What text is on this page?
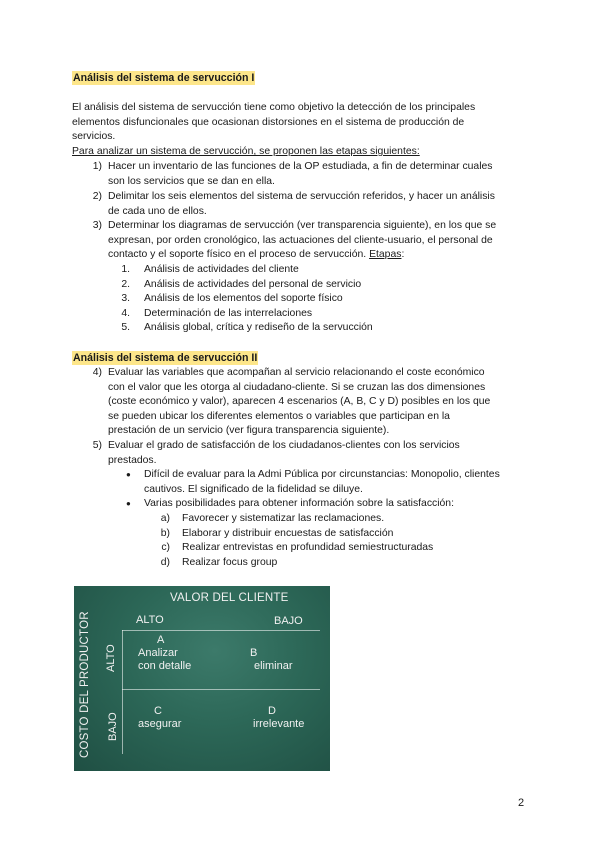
Análisis del sistema de servucción I
El análisis del sistema de servucción tiene como objetivo la detección de los principales
elementos disfuncionales que ocasionan distorsiones en el sistema de producción de
servicios.
Para analizar un sistema de servucción, se proponen las etapas siguientes:
1) Hacer un inventario de las funciones de la OP estudiada, a fin de determinar cuales
son los servicios que se dan en ella.
2) Delimitar los seis elementos del sistema de servucción referidos, y hacer un análisis
de cada uno de ellos.
3) Determinar los diagramas de servucción (ver transparencia siguiente), en los que se
expresan, por orden cronológico, las actuaciones del cliente-usuario, el personal de
contacto y el soporte físico en el proceso de servucción. Etapas:
1. Análisis de actividades del cliente
2. Análisis de actividades del personal de servicio
3. Análisis de los elementos del soporte físico
4. Determinación de las interrelaciones
5. Análisis global, crítica y rediseño de la servucción
Análisis del sistema de servucción II
4) Evaluar las variables que acompañan al servicio relacionando el coste económico
con el valor que les otorga al ciudadano-cliente. Si se cruzan las dos dimensiones
(coste económico y valor), aparecen 4 escenarios (A, B, C y D) posibles en los que
se pueden ubicar los diferentes elementos o variables que participan en la
prestación de un servicio (ver figura transparencia siguiente).
5) Evaluar el grado de satisfacción de los ciudadanos-clientes con los servicios
prestados.
● Difícil de evaluar para la Admi Pública por circunstancias: Monopolio, clientes
cautivos. El significado de la fidelidad se diluye.
● Varias posibilidades para obtener información sobre la satisfacción:
a) Favorecer y sistematizar las reclamaciones.
b) Elaborar y distribuir encuestas de satisfacción
c) Realizar entrevistas en profundidad semiestructuradas
d) Realizar focus group
VALOR DEL CLIENTE
ALTO	BAJO
COSTO DEL PRODUCTOR ALTO
BAJO
A
Analizar
con detalle
B
eliminar
C
asegurar
D
irrelevante
2
